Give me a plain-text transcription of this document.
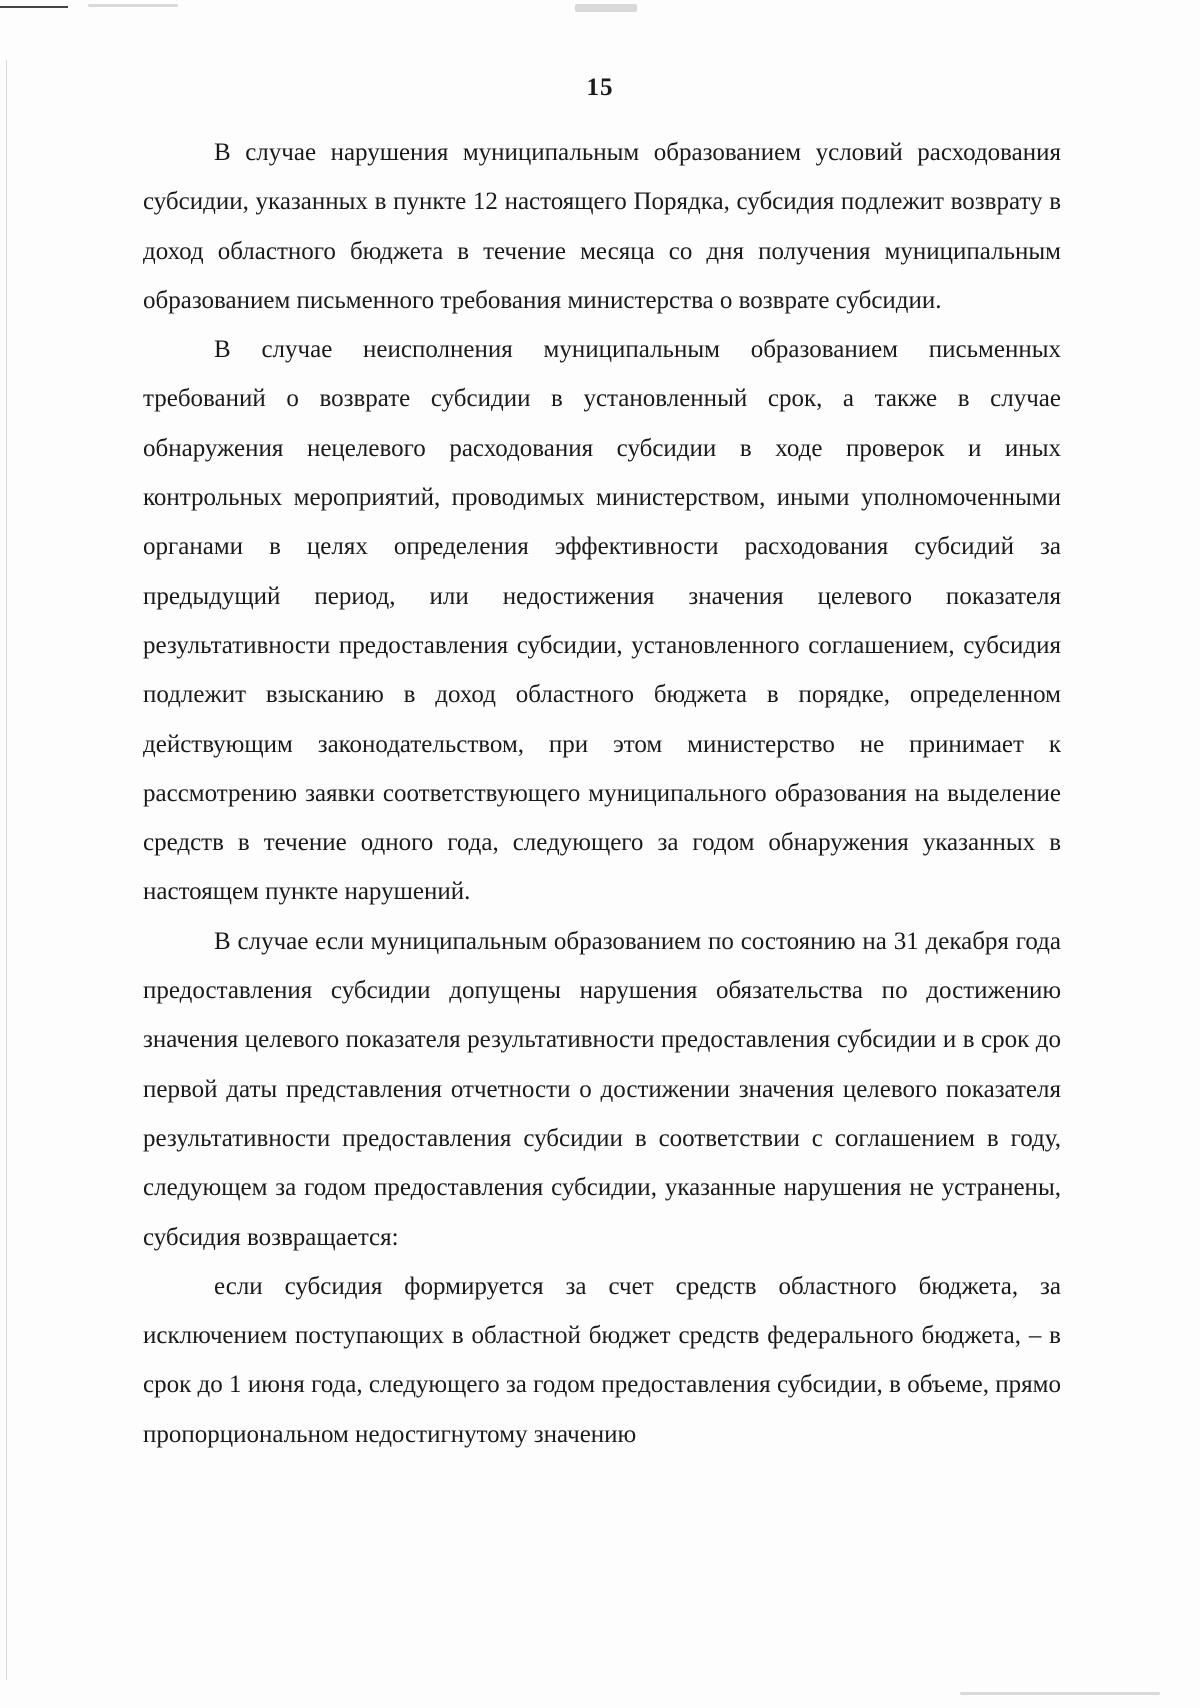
15

В случае нарушения муниципальным образованием условий расходования субсидии, указанных в пункте 12 настоящего Порядка, субсидия подлежит возврату в доход областного бюджета в течение месяца со дня получения муниципальным образованием письменного требования министерства о возврате субсидии.

В случае неисполнения муниципальным образованием письменных требований о возврате субсидии в установленный срок, а также в случае обнаружения нецелевого расходования субсидии в ходе проверок и иных контрольных мероприятий, проводимых министерством, иными уполномоченными органами в целях определения эффективности расходования субсидий за предыдущий период, или недостижения значения целевого показателя результативности предоставления субсидии, установленного соглашением, субсидия подлежит взысканию в доход областного бюджета в порядке, определенном действующим законодательством, при этом министерство не принимает к рассмотрению заявки соответствующего муниципального образования на выделение средств в течение одного года, следующего за годом обнаружения указанных в настоящем пункте нарушений.

В случае если муниципальным образованием по состоянию на 31 декабря года предоставления субсидии допущены нарушения обязательства по достижению значения целевого показателя результативности предоставления субсидии и в срок до первой даты представления отчетности о достижении значения целевого показателя результативности предоставления субсидии в соответствии с соглашением в году, следующем за годом предоставления субсидии, указанные нарушения не устранены, субсидия возвращается:

если субсидия формируется за счет средств областного бюджета, за исключением поступающих в областной бюджет средств федерального бюджета, – в срок до 1 июня года, следующего за годом предоставления субсидии, в объеме, прямо пропорциональном недостигнутому значению
